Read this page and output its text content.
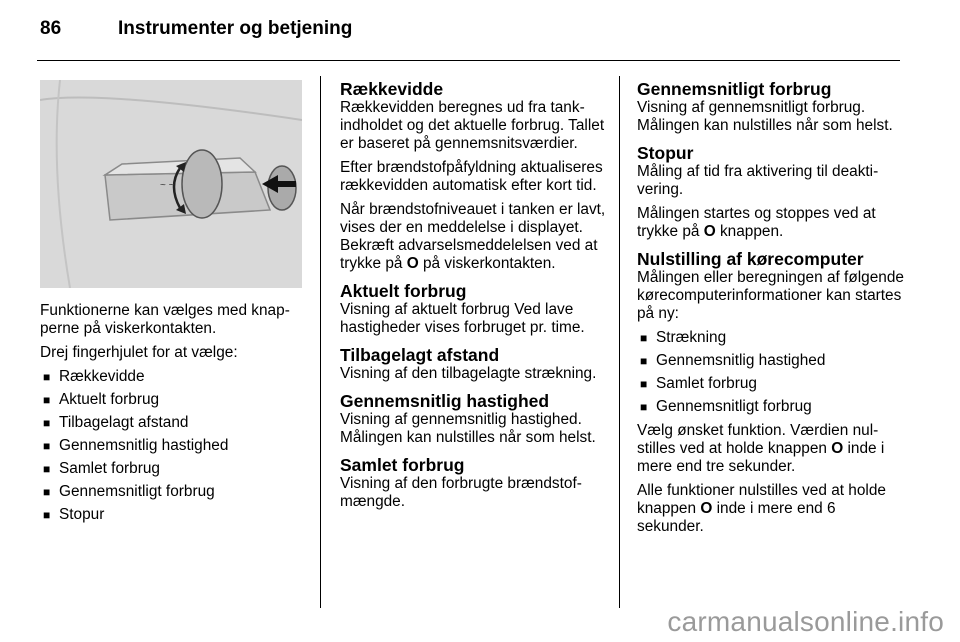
86	Instrumenter og betjening
~ ~

Funktionerne kan vælges med knapperne på viskerkontakten.

Drej fingerhjulet for at vælge:

■ Rækkevidde
■ Aktuelt forbrug
■ Tilbagelagt afstand
■ Gennemsnitlig hastighed
■ Samlet forbrug
■ Gennemsnitligt forbrug
■ Stopur
Rækkevidde

Rækkevidden beregnes ud fra tankindholdet og det aktuelle forbrug. Tallet er baseret på gennemsnitsværdier.

Efter brændstofpåfyldning aktualiseres rækkevidden automatisk efter kort tid.

Når brændstofniveauet i tanken er lavt, vises der en meddelelse i displayet. Bekræft advarselsmeddelelsen ved at trykke på O på viskerkontakten.

Aktuelt forbrug

Visning af aktuelt forbrug Ved lave hastigheder vises forbruget pr. time.

Tilbagelagt afstand

Visning af den tilbagelagte strækning.

Gennemsnitlig hastighed

Visning af gennemsnitlig hastighed. Målingen kan nulstilles når som helst.

Samlet forbrug

Visning af den forbrugte brændstofmængde.

Gennemsnitligt forbrug

Visning af gennemsnitligt forbrug. Målingen kan nulstilles når som helst.

Stopur

Måling af tid fra aktivering til deaktivering.

Målingen startes og stoppes ved at trykke på O knappen.

Nulstilling af kørecomputer

Målingen eller beregningen af følgende kørecomputerinformationer kan startes på ny:

■ Strækning
■ Gennemsnitlig hastighed
■ Samlet forbrug
■ Gennemsnitligt forbrug

Vælg ønsket funktion. Værdien nulstilles ved at holde knappen O inde i mere end tre sekunder.

Alle funktioner nulstilles ved at holde knappen O inde i mere end 6 sekunder.

carmanualsonline.info
